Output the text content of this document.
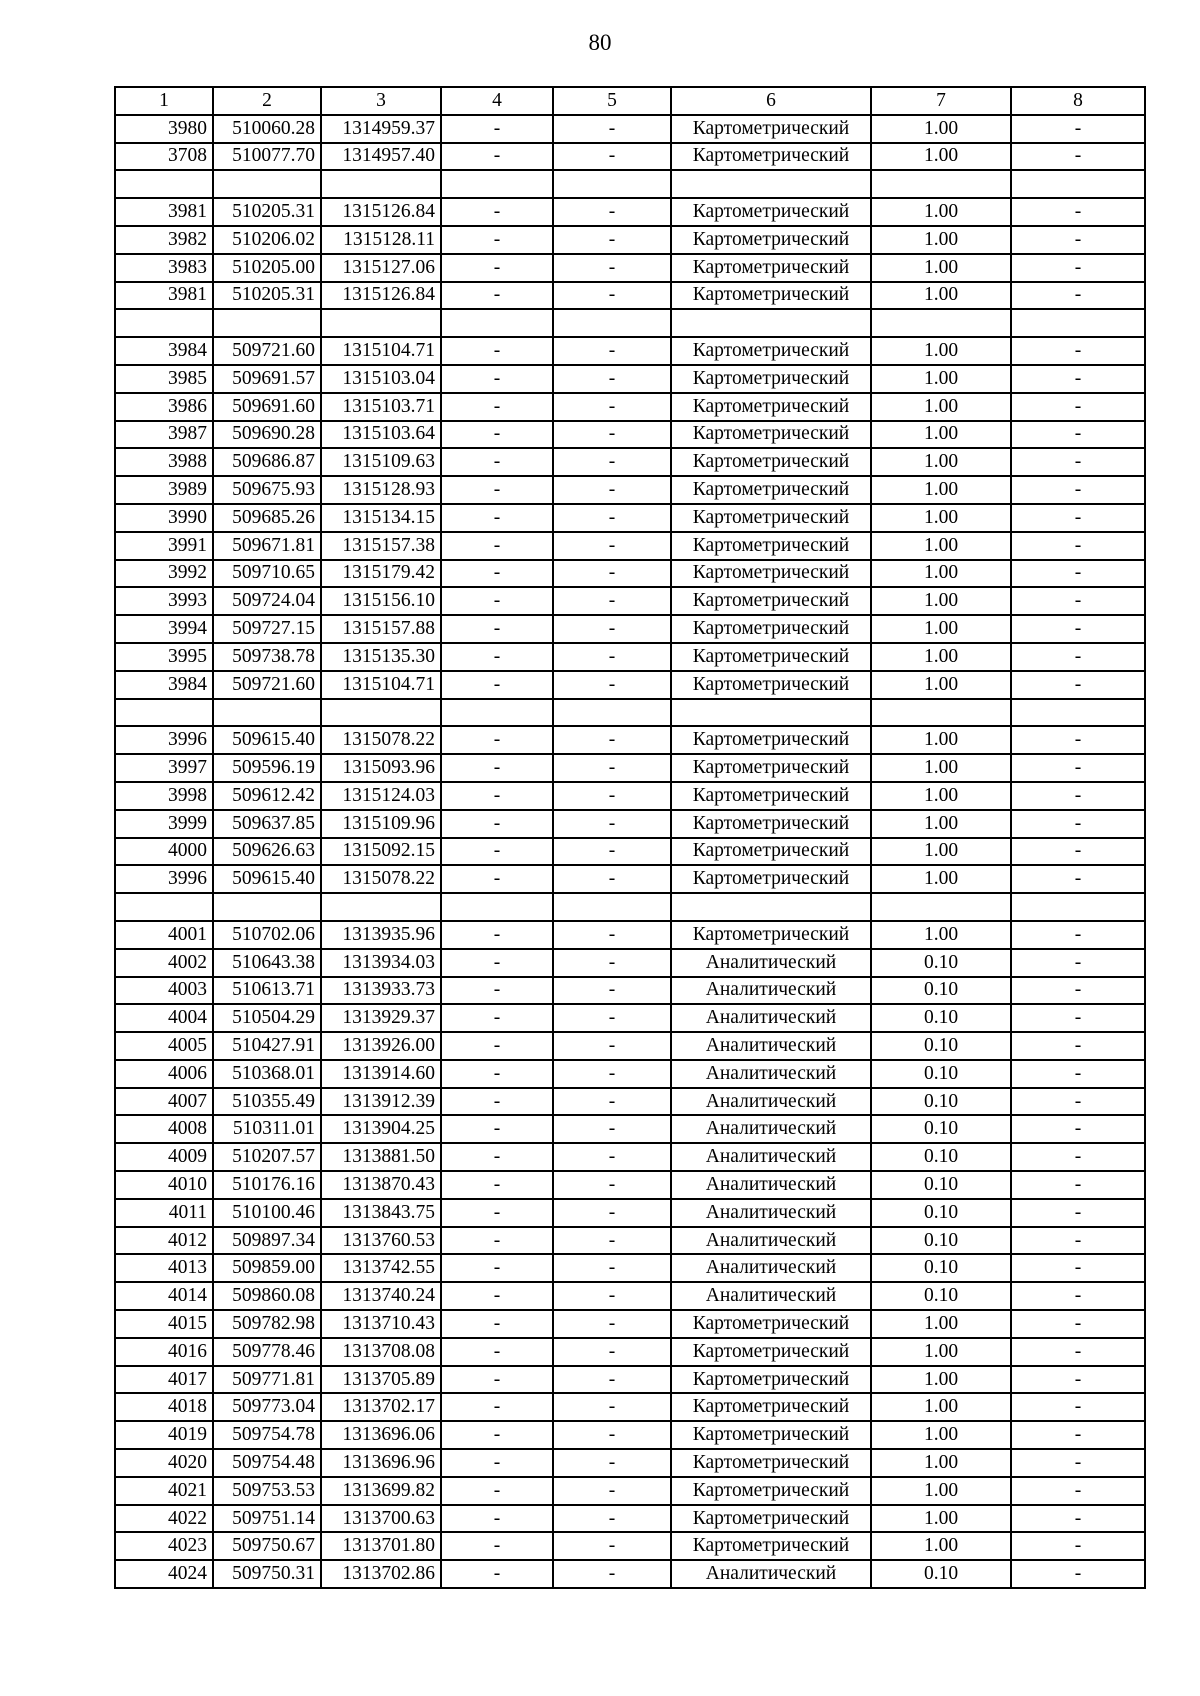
80
1	2	3	4	5	6	7	8
3980	510060.28	1314959.37	-	-	Картометрический	1.00	-
3708	510077.70	1314957.40	-	-	Картометрический	1.00	-

3981	510205.31	1315126.84	-	-	Картометрический	1.00	-
3982	510206.02	1315128.11	-	-	Картометрический	1.00	-
3983	510205.00	1315127.06	-	-	Картометрический	1.00	-
3981	510205.31	1315126.84	-	-	Картометрический	1.00	-

3984	509721.60	1315104.71	-	-	Картометрический	1.00	-
3985	509691.57	1315103.04	-	-	Картометрический	1.00	-
3986	509691.60	1315103.71	-	-	Картометрический	1.00	-
3987	509690.28	1315103.64	-	-	Картометрический	1.00	-
3988	509686.87	1315109.63	-	-	Картометрический	1.00	-
3989	509675.93	1315128.93	-	-	Картометрический	1.00	-
3990	509685.26	1315134.15	-	-	Картометрический	1.00	-
3991	509671.81	1315157.38	-	-	Картометрический	1.00	-
3992	509710.65	1315179.42	-	-	Картометрический	1.00	-
3993	509724.04	1315156.10	-	-	Картометрический	1.00	-
3994	509727.15	1315157.88	-	-	Картометрический	1.00	-
3995	509738.78	1315135.30	-	-	Картометрический	1.00	-
3984	509721.60	1315104.71	-	-	Картометрический	1.00	-

3996	509615.40	1315078.22	-	-	Картометрический	1.00	-
3997	509596.19	1315093.96	-	-	Картометрический	1.00	-
3998	509612.42	1315124.03	-	-	Картометрический	1.00	-
3999	509637.85	1315109.96	-	-	Картометрический	1.00	-
4000	509626.63	1315092.15	-	-	Картометрический	1.00	-
3996	509615.40	1315078.22	-	-	Картометрический	1.00	-

4001	510702.06	1313935.96	-	-	Картометрический	1.00	-
4002	510643.38	1313934.03	-	-	Аналитический	0.10	-
4003	510613.71	1313933.73	-	-	Аналитический	0.10	-
4004	510504.29	1313929.37	-	-	Аналитический	0.10	-
4005	510427.91	1313926.00	-	-	Аналитический	0.10	-
4006	510368.01	1313914.60	-	-	Аналитический	0.10	-
4007	510355.49	1313912.39	-	-	Аналитический	0.10	-
4008	510311.01	1313904.25	-	-	Аналитический	0.10	-
4009	510207.57	1313881.50	-	-	Аналитический	0.10	-
4010	510176.16	1313870.43	-	-	Аналитический	0.10	-
4011	510100.46	1313843.75	-	-	Аналитический	0.10	-
4012	509897.34	1313760.53	-	-	Аналитический	0.10	-
4013	509859.00	1313742.55	-	-	Аналитический	0.10	-
4014	509860.08	1313740.24	-	-	Аналитический	0.10	-
4015	509782.98	1313710.43	-	-	Картометрический	1.00	-
4016	509778.46	1313708.08	-	-	Картометрический	1.00	-
4017	509771.81	1313705.89	-	-	Картометрический	1.00	-
4018	509773.04	1313702.17	-	-	Картометрический	1.00	-
4019	509754.78	1313696.06	-	-	Картометрический	1.00	-
4020	509754.48	1313696.96	-	-	Картометрический	1.00	-
4021	509753.53	1313699.82	-	-	Картометрический	1.00	-
4022	509751.14	1313700.63	-	-	Картометрический	1.00	-
4023	509750.67	1313701.80	-	-	Картометрический	1.00	-
4024	509750.31	1313702.86	-	-	Аналитический	0.10	-
